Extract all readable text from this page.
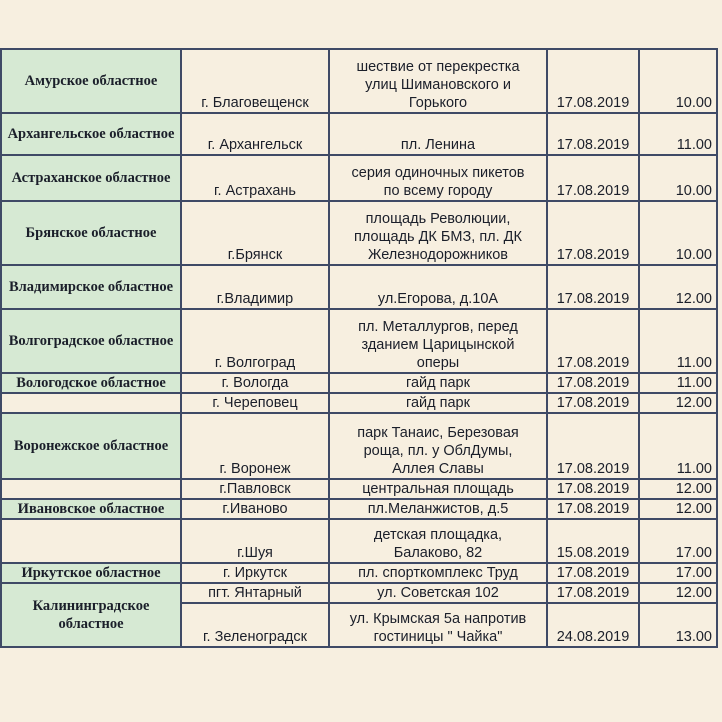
Амурское областное	г. Благовещенск	шествие от перекрестка
улиц Шимановского и
Горького	17.08.2019	10.00
Архангельское областное	г. Архангельск	пл. Ленина	17.08.2019	11.00
Астраханское областное	г. Астрахань	серия одиночных пикетов
по всему городу	17.08.2019	10.00
Брянское областное	г.Брянск	площадь Революции,
площадь ДК БМЗ, пл. ДК
Железнодорожников	17.08.2019	10.00
Владимирское областное	г.Владимир	ул.Егорова, д.10А	17.08.2019	12.00
Волгоградское областное	г. Волгоград	пл. Металлургов, перед
зданием Царицынской
оперы	17.08.2019	11.00
Вологодское областное	г. Вологда	гайд парк	17.08.2019	11.00
	г. Череповец	гайд парк	17.08.2019	12.00
Воронежское областное	г. Воронеж	парк Танаис, Березовая
роща, пл. у ОблДумы,
Аллея Славы	17.08.2019	11.00
	г.Павловск	центральная площадь	17.08.2019	12.00
Ивановское областное	г.Иваново	пл.Меланжистов, д.5	17.08.2019	12.00
	г.Шуя	детская площадка,
Балаково, 82	15.08.2019	17.00
Иркутское областное	г. Иркутск	пл. спорткомплекс Труд	17.08.2019	17.00

Калининградское
областное	пгт. Янтарный	ул. Советская 102	17.08.2019	12.00
	г. Зеленоградск	ул. Крымская 5а напротив
гостиницы " Чайка"	24.08.2019	13.00
